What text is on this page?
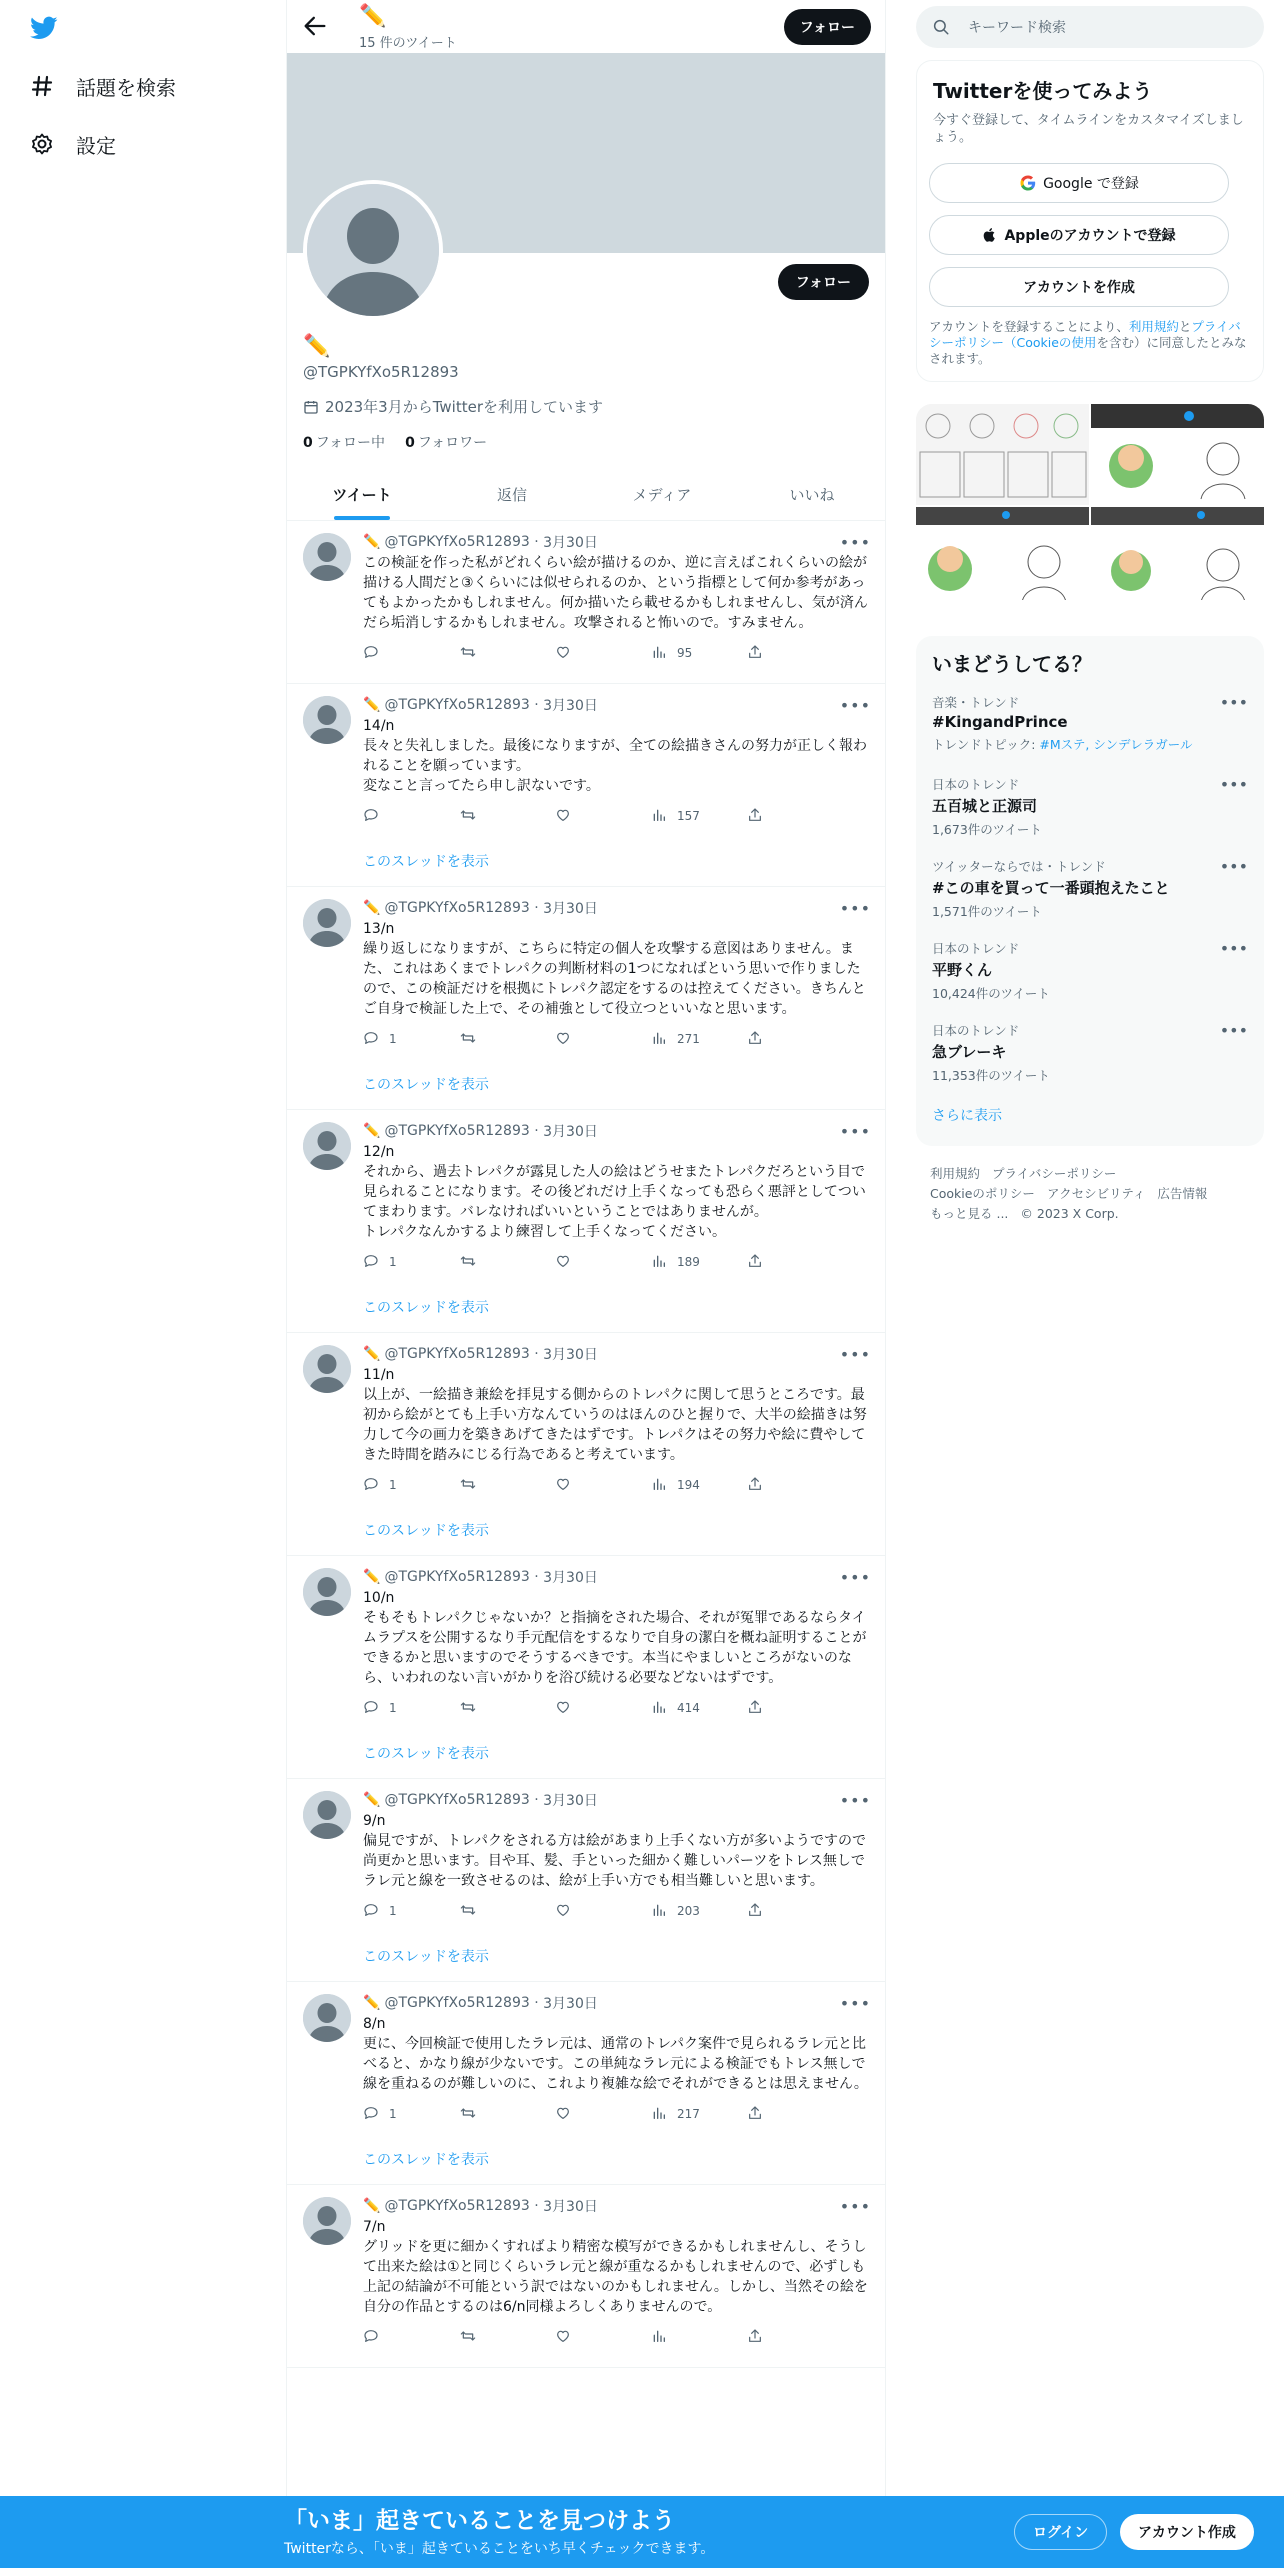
話題を検索
設定
✏️
15 件のツイート
フォロー
フォロー
✏️
@TGPKYfXo5R12893
2023年3月からTwitterを利用しています
0 フォロー中 0 フォロワー
ツイート	返信	メディア	いいね
•••
✏️ @TGPKYfXo5R12893 · 3月30日
この検証を作った私がどれくらい絵が描けるのか、逆に言えばこれくらいの絵が描ける人間だと③くらいには似せられるのか、という指標として何か参考があってもよかったかもしれません。何か描いたら載せるかもしれませんし、気が済んだら垢消しするかもしれません。攻撃されると怖いので。すみません。
95
•••
✏️ @TGPKYfXo5R12893 · 3月30日
14/n
長々と失礼しました。最後になりますが、全ての絵描きさんの努力が正しく報われることを願っています。
変なこと言ってたら申し訳ないです。
157
このスレッドを表示
•••
✏️ @TGPKYfXo5R12893 · 3月30日
13/n
繰り返しになりますが、こちらに特定の個人を攻撃する意図はありません。また、これはあくまでトレパクの判断材料の1つになればという思いで作りましたので、この検証だけを根拠にトレパク認定をするのは控えてください。きちんとご自身で検証した上で、その補強として役立つといいなと思います。
1	271
このスレッドを表示
•••
✏️ @TGPKYfXo5R12893 · 3月30日
12/n
それから、過去トレパクが露見した人の絵はどうせまたトレパクだろという目で見られることになります。その後どれだけ上手くなっても恐らく悪評としてついてまわります。バレなければいいということではありませんが。
トレパクなんかするより練習して上手くなってください。
1	189
このスレッドを表示
•••
✏️ @TGPKYfXo5R12893 · 3月30日
11/n
以上が、一絵描き兼絵を拝見する側からのトレパクに関して思うところです。最初から絵がとても上手い方なんていうのはほんのひと握りで、大半の絵描きは努力して今の画力を築きあげてきたはずです。トレパクはその努力や絵に費やしてきた時間を踏みにじる行為であると考えています。
1	194
このスレッドを表示
•••
✏️ @TGPKYfXo5R12893 · 3月30日
10/n
そもそもトレパクじゃないか？と指摘をされた場合、それが冤罪であるならタイムラプスを公開するなり手元配信をするなりで自身の潔白を概ね証明することができるかと思いますのでそうするべきです。本当にやましいところがないのなら、いわれのない言いがかりを浴び続ける必要などないはずです。
1	414
このスレッドを表示
•••
✏️ @TGPKYfXo5R12893 · 3月30日
9/n
偏見ですが、トレパクをされる方は絵があまり上手くない方が多いようですので尚更かと思います。目や耳、髪、手といった細かく難しいパーツをトレス無しでラレ元と線を一致させるのは、絵が上手い方でも相当難しいと思います。
1	203
このスレッドを表示
•••
✏️ @TGPKYfXo5R12893 · 3月30日
8/n
更に、今回検証で使用したラレ元は、通常のトレパク案件で見られるラレ元と比べると、かなり線が少ないです。この単純なラレ元による検証でもトレス無しで線を重ねるのが難しいのに、これより複雑な絵でそれができるとは思えません。
1	217
このスレッドを表示
•••
✏️ @TGPKYfXo5R12893 · 3月30日
7/n
グリッドを更に細かくすればより精密な模写ができるかもしれませんし、そうして出来た絵は①と同じくらいラレ元と線が重なるかもしれませんので、必ずしも上記の結論が不可能という訳ではないのかもしれません。しかし、当然その絵を自分の作品とするのは6/n同様よろしくありませんので。
キーワード検索
Twitterを使ってみよう
今すぐ登録して、タイムラインをカスタマイズしましょう。
Google で登録
Appleのアカウントで登録
アカウントを作成
アカウントを登録することにより、利用規約とプライバシーポリシー（Cookieの使用を含む）に同意したとみなされます。
いまどうしてる？
音楽・トレンド
#KingandPrince
トレンドトピック: #Mステ, シンデレラガール
•••
日本のトレンド
五百城と正源司
1,673件のツイート
•••
ツイッターならでは・トレンド
#この車を買って一番頭抱えたこと
1,571件のツイート
•••
日本のトレンド
平野くん
10,424件のツイート
•••
日本のトレンド
急ブレーキ
11,353件のツイート
•••
さらに表示
利用規約 プライバシーポリシー
Cookieのポリシー アクセシビリティ 広告情報
もっと見る ... © 2023 X Corp.
「いま」起きていることを見つけよう
Twitterなら、「いま」起きていることをいち早くチェックできます。
ログイン	アカウント作成
